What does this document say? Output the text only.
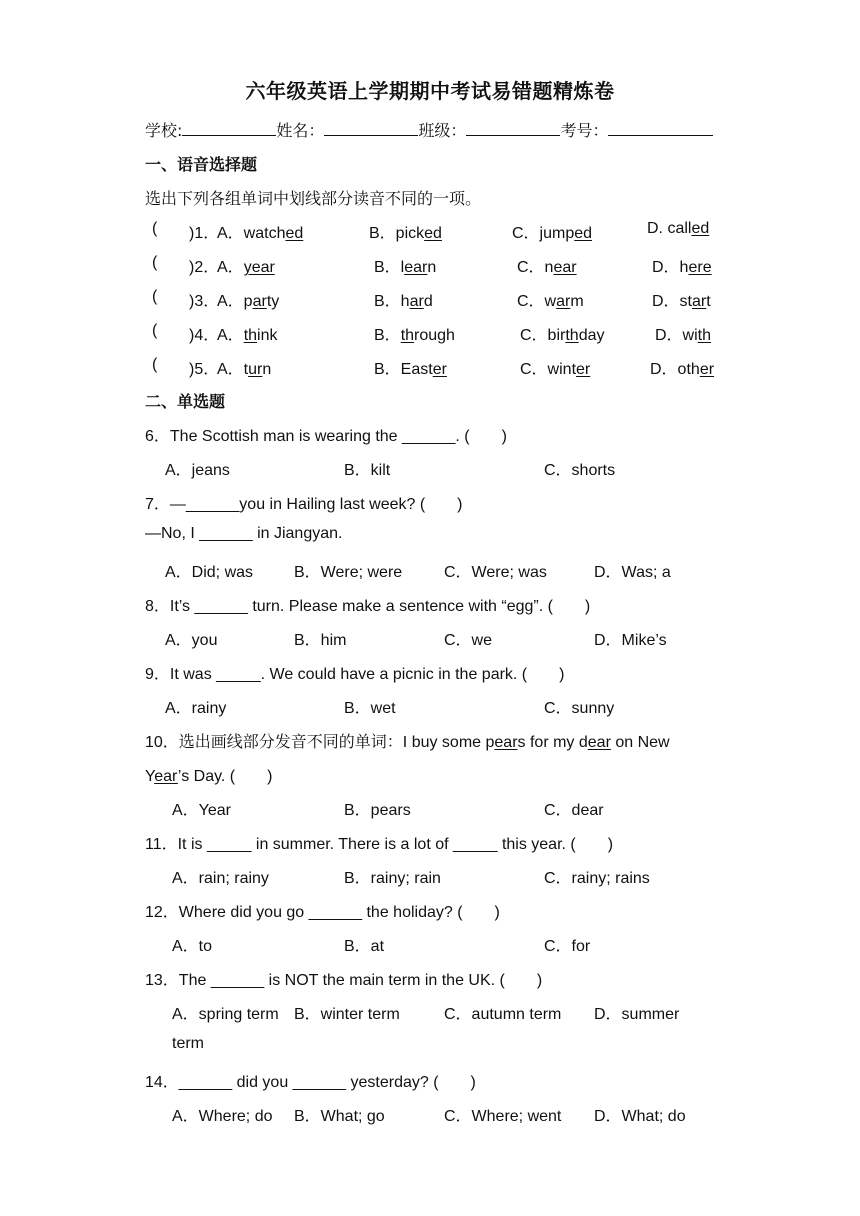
六年级英语上学期期中考试易错题精炼卷
学校:	姓名：	班级：	考号：
一、语音选择题
选出下列各组单词中划线部分读音不同的一项。
( )1．
A．watched	B．picked	C．jumped	D. called
( )2．
A．year	B．learn	C．near	D．here
( )3．
A．party	B．hard	C．warm	D．start
( )4．
A．think	B．through	C．birthday	D．with
( )5．
A．turn	B．Easter	C．winter	D．other
二、单选题
6．The Scottish man is wearing the ______. (　　)
A．jeans	B．kilt	C．shorts
7．—______you in Hailing last week? (　　)
—No, I ______ in Jiangyan.
A．Did; was	B．Were; were	C．Were; was	D．Was; a
8．It’s ______ turn. Please make a sentence with “egg”. (　　)
A．you	B．him	C．we	D．Mike’s
9．It was _____. We could have a picnic in the park. (　　)
A．rainy	B．wet	C．sunny
10．选出画线部分发音不同的单词：I buy some pears for my dear on New
Year’s Day. (　　)
A．Year	B．pears	C．dear
11．It is _____ in summer. There is a lot of _____ this year. (　　)
A．rain; rainy	B．rainy; rain	C．rainy; rains
12．Where did you go ______ the holiday? (　　)
A．to	B．at	C．for
13．The ______ is NOT the main term in the UK. (　　)
A．spring term B．winter term	C．autumn term D．summer
term
14．______ did you ______ yesterday? (　　)
A．Where; do B．What; go	C．Where; went D．What; do
